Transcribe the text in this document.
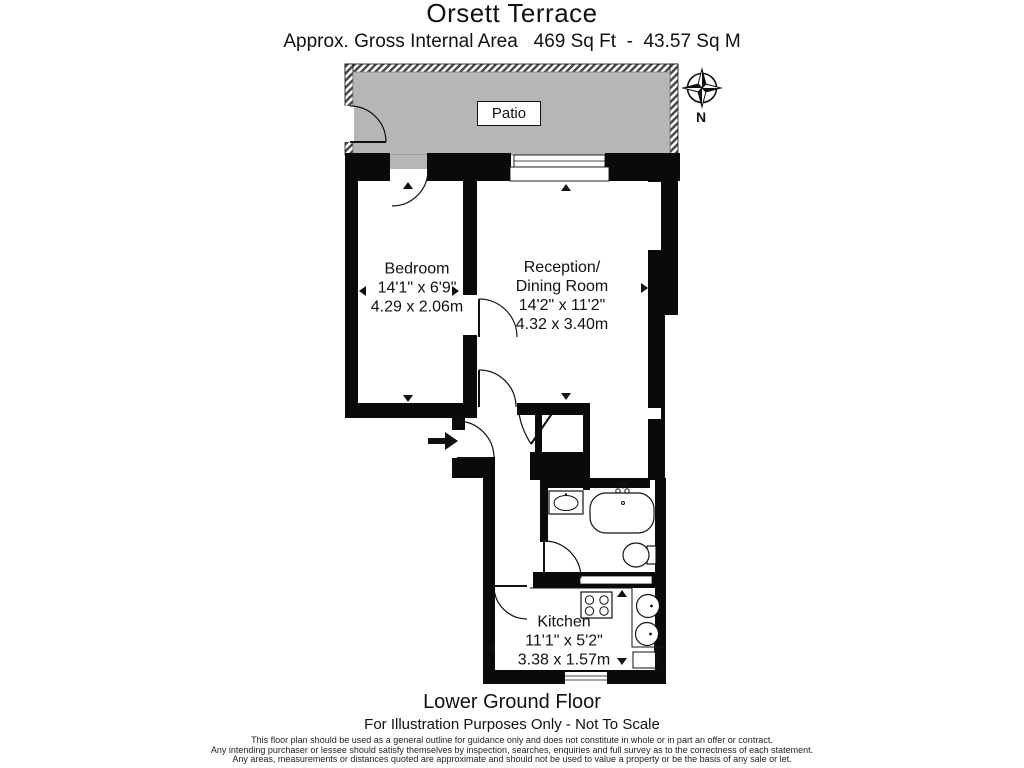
Orsett Terrace
Approx. Gross Internal Area   469 Sq Ft  -  43.57 Sq M
Patio
Bedroom
14'1" x 6'9"
4.29 x 2.06m
Reception/
Dining Room
14'2" x 11'2"
4.32 x 3.40m
Kitchen
11'1" x 5'2"
3.38 x 1.57m
N
Lower Ground Floor
For Illustration Purposes Only - Not To Scale
This floor plan should be used as a general outline for guidance only and does not constitute in whole or in part an offer or contract.
Any intending purchaser or lessee should satisfy themselves by inspection, searches, enquiries and full survey as to the correctness of each statement.
Any areas, measurements or distances quoted are approximate and should not be used to value a property or be the basis of any sale or let.
